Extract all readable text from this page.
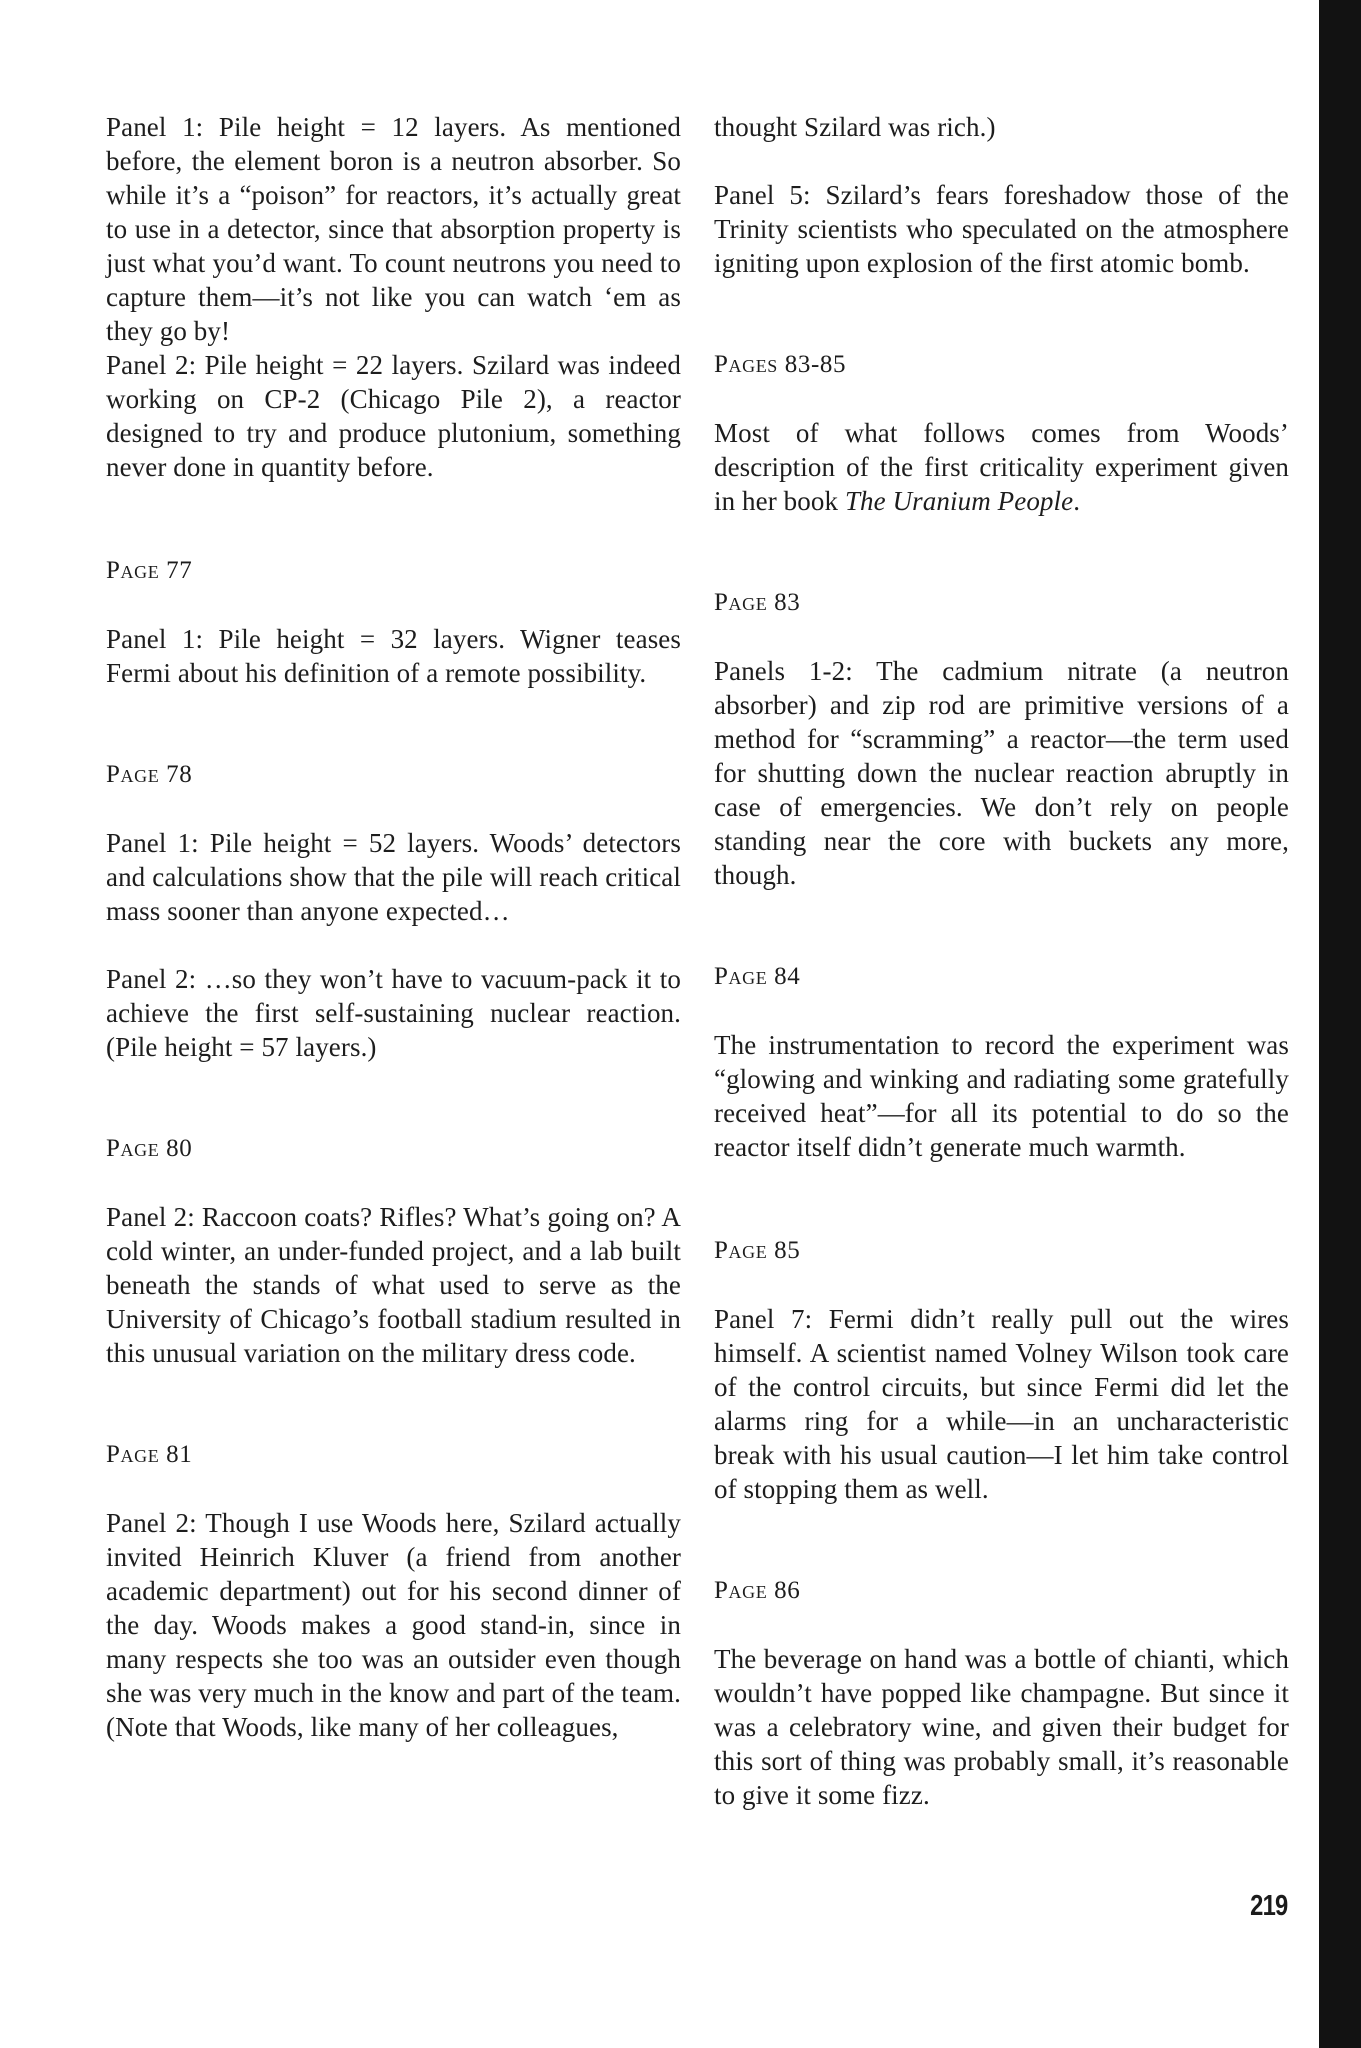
Panel 1: Pile height = 12 layers. As mentioned before, the element boron is a neutron absorber. So while it’s a “poison” for reactors, it’s actually great to use in a detector, since that absorption property is just what you’d want. To count neutrons you need to capture them—it’s not like you can watch ‘em as they go by!

Panel 2: Pile height = 22 layers. Szilard was indeed working on CP-2 (Chicago Pile 2), a reactor designed to try and produce plutonium, something never done in quantity before.

Page 77

Panel 1: Pile height = 32 layers. Wigner teases Fermi about his definition of a remote possibility.

Page 78

Panel 1: Pile height = 52 layers. Woods’ detectors and calculations show that the pile will reach critical mass sooner than anyone expected…

Panel 2: …so they won’t have to vacuum-pack it to achieve the first self-sustaining nuclear reaction. (Pile height = 57 layers.)

Page 80

Panel 2: Raccoon coats? Rifles? What’s going on? A cold winter, an under-funded project, and a lab built beneath the stands of what used to serve as the University of Chicago’s football stadium resulted in this unusual variation on the military dress code.

Page 81

Panel 2: Though I use Woods here, Szilard actually invited Heinrich Kluver (a friend from another academic department) out for his second dinner of the day. Woods makes a good stand-in, since in many respects she too was an outsider even though she was very much in the know and part of the team. (Note that Woods, like many of her colleagues,

thought Szilard was rich.)

Panel 5: Szilard’s fears foreshadow those of the Trinity scientists who speculated on the atmosphere igniting upon explosion of the first atomic bomb.

Pages 83-85

Most of what follows comes from Woods’ description of the first criticality experiment given in her book The Uranium People.

Page 83

Panels 1-2: The cadmium nitrate (a neutron absorber) and zip rod are primitive versions of a method for “scramming” a reactor—the term used for shutting down the nuclear reaction abruptly in case of emergencies. We don’t rely on people standing near the core with buckets any more, though.

Page 84

The instrumentation to record the experiment was “glowing and winking and radiating some gratefully received heat”—for all its potential to do so the reactor itself didn’t generate much warmth.

Page 85

Panel 7: Fermi didn’t really pull out the wires himself. A scientist named Volney Wilson took care of the control circuits, but since Fermi did let the alarms ring for a while—in an uncharacteristic break with his usual caution—I let him take control of stopping them as well.

Page 86

The beverage on hand was a bottle of chianti, which wouldn’t have popped like champagne. But since it was a celebratory wine, and given their budget for this sort of thing was probably small, it’s reasonable to give it some fizz.

219
